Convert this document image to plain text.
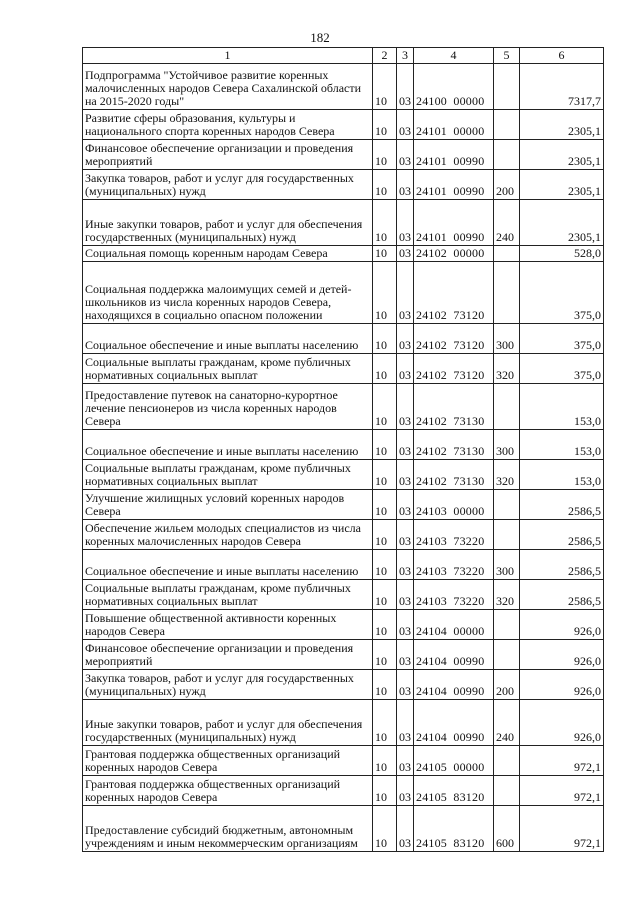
182
1	2	3	4	5	6
Подпрограмма "Устойчивое развитие коренных малочисленных народов Севера Сахалинской области на 2015-2020 годы"	10	03	24100  00000		7317,7
Развитие сферы образования, культуры и национального спорта коренных народов Севера	10	03	24101  00000		2305,1
Финансовое обеспечение организации и проведения мероприятий	10	03	24101  00990		2305,1
Закупка товаров, работ и услуг для государственных (муниципальных) нужд	10	03	24101  00990	200	2305,1
Иные закупки товаров, работ и услуг для обеспечения государственных (муниципальных) нужд	10	03	24101  00990	240	2305,1
Социальная помощь коренным народам Севера	10	03	24102  00000		528,0
Социальная поддержка малоимущих семей и детей-школьников из числа коренных народов Севера, находящихся в социально опасном положении	10	03	24102  73120		375,0
Социальное обеспечение и иные выплаты населению	10	03	24102  73120	300	375,0
Социальные выплаты гражданам, кроме публичных нормативных социальных выплат	10	03	24102  73120	320	375,0
Предоставление путевок на санаторно-курортное лечение пенсионеров из числа коренных народов Севера	10	03	24102  73130		153,0
Социальное обеспечение и иные выплаты населению	10	03	24102  73130	300	153,0
Социальные выплаты гражданам, кроме публичных нормативных социальных выплат	10	03	24102  73130	320	153,0
Улучшение жилищных условий коренных народов Севера	10	03	24103  00000		2586,5
Обеспечение жильем молодых специалистов из числа коренных малочисленных народов Севера	10	03	24103  73220		2586,5
Социальное обеспечение и иные выплаты населению	10	03	24103  73220	300	2586,5
Социальные выплаты гражданам, кроме публичных нормативных социальных выплат	10	03	24103  73220	320	2586,5
Повышение общественной активности коренных народов Севера	10	03	24104  00000		926,0
Финансовое обеспечение организации и проведения мероприятий	10	03	24104  00990		926,0
Закупка товаров, работ и услуг для государственных (муниципальных) нужд	10	03	24104  00990	200	926,0
Иные закупки товаров, работ и услуг для обеспечения государственных (муниципальных) нужд	10	03	24104  00990	240	926,0
Грантовая поддержка общественных организаций коренных народов Севера	10	03	24105  00000		972,1
Грантовая поддержка общественных организаций коренных народов Севера	10	03	24105  83120		972,1
Предоставление субсидий бюджетным, автономным учреждениям и иным некоммерческим организациям	10	03	24105  83120	600	972,1
